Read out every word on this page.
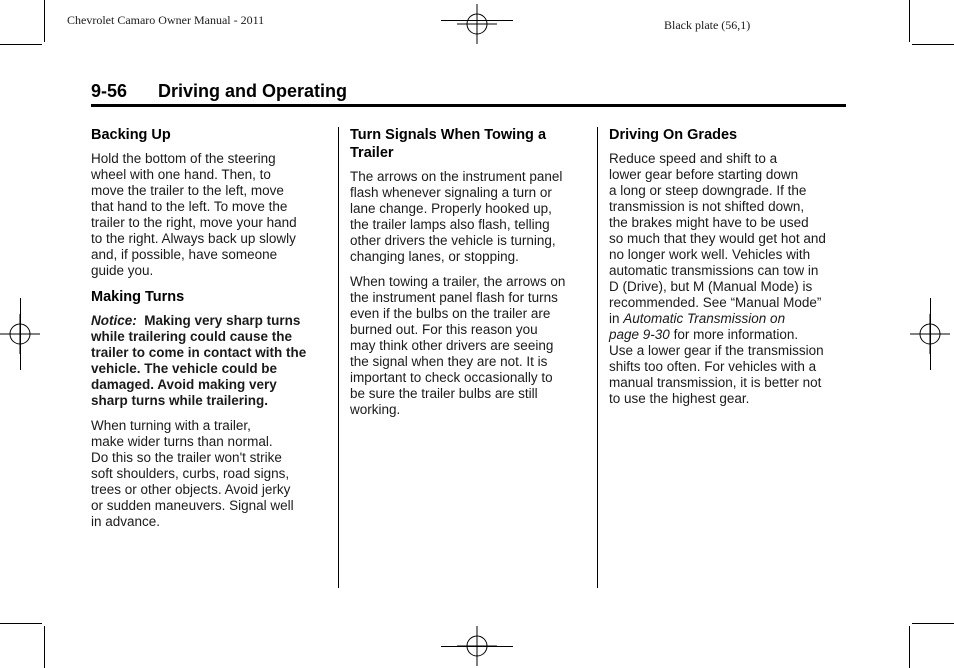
Chevrolet Camaro Owner Manual - 2011	Black plate (56,1)
9-56 Driving and Operating
Backing Up

Hold the bottom of the steering
wheel with one hand. Then, to
move the trailer to the left, move
that hand to the left. To move the
trailer to the right, move your hand
to the right. Always back up slowly
and, if possible, have someone
guide you.

Making Turns

Notice: Making very sharp turns
while trailering could cause the
trailer to come in contact with the
vehicle. The vehicle could be
damaged. Avoid making very
sharp turns while trailering.

When turning with a trailer,
make wider turns than normal.
Do this so the trailer won't strike
soft shoulders, curbs, road signs,
trees or other objects. Avoid jerky
or sudden maneuvers. Signal well
in advance.

Turn Signals When Towing a
Trailer

The arrows on the instrument panel
flash whenever signaling a turn or
lane change. Properly hooked up,
the trailer lamps also flash, telling
other drivers the vehicle is turning,
changing lanes, or stopping.

When towing a trailer, the arrows on
the instrument panel flash for turns
even if the bulbs on the trailer are
burned out. For this reason you
may think other drivers are seeing
the signal when they are not. It is
important to check occasionally to
be sure the trailer bulbs are still
working.

Driving On Grades

Reduce speed and shift to a
lower gear before starting down
a long or steep downgrade. If the
transmission is not shifted down,
the brakes might have to be used
so much that they would get hot and
no longer work well. Vehicles with
automatic transmissions can tow in
D (Drive), but M (Manual Mode) is
recommended. See “Manual Mode”
in Automatic Transmission on
page 9‑30 for more information.
Use a lower gear if the transmission
shifts too often. For vehicles with a
manual transmission, it is better not
to use the highest gear.
